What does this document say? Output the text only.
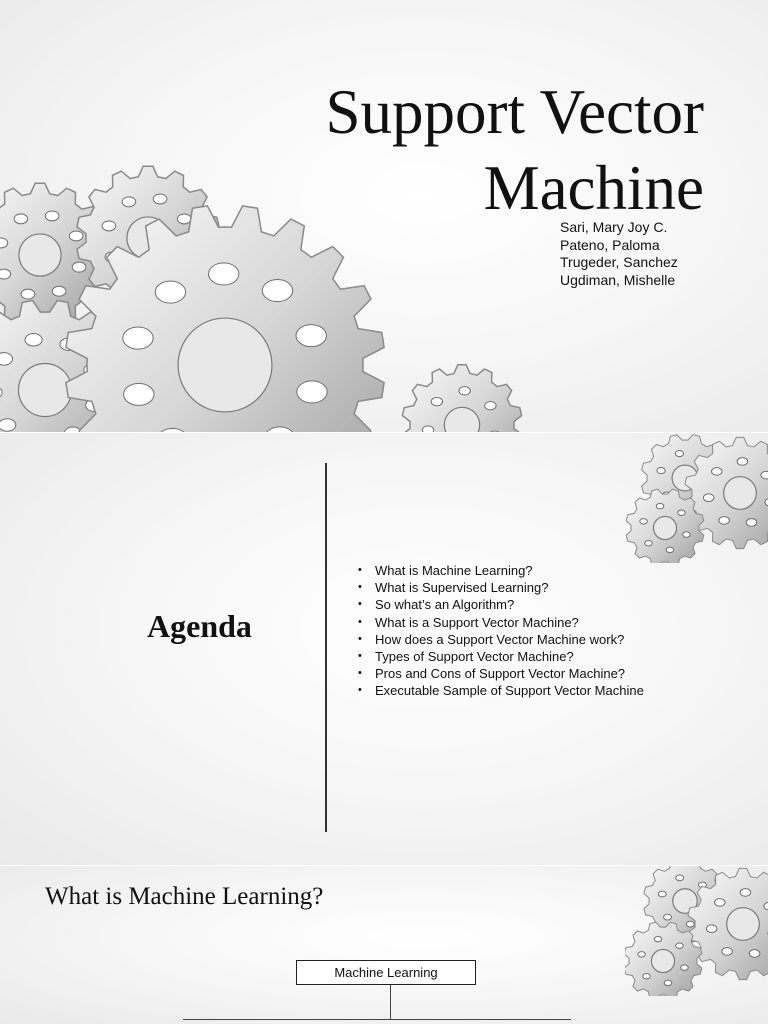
Support Vector
Machine
Sari, Mary Joy C.
Pateno, Paloma
Trugeder, Sanchez
Ugdiman, Mishelle
Agenda
• What is Machine Learning?
• What is Supervised Learning?
• So what’s an Algorithm?
• What is a Support Vector Machine?
• How does a Support Vector Machine work?
• Types of Support Vector Machine?
• Pros and Cons of Support Vector Machine?
• Executable Sample of Support Vector Machine
What is Machine Learning?
Machine Learning
